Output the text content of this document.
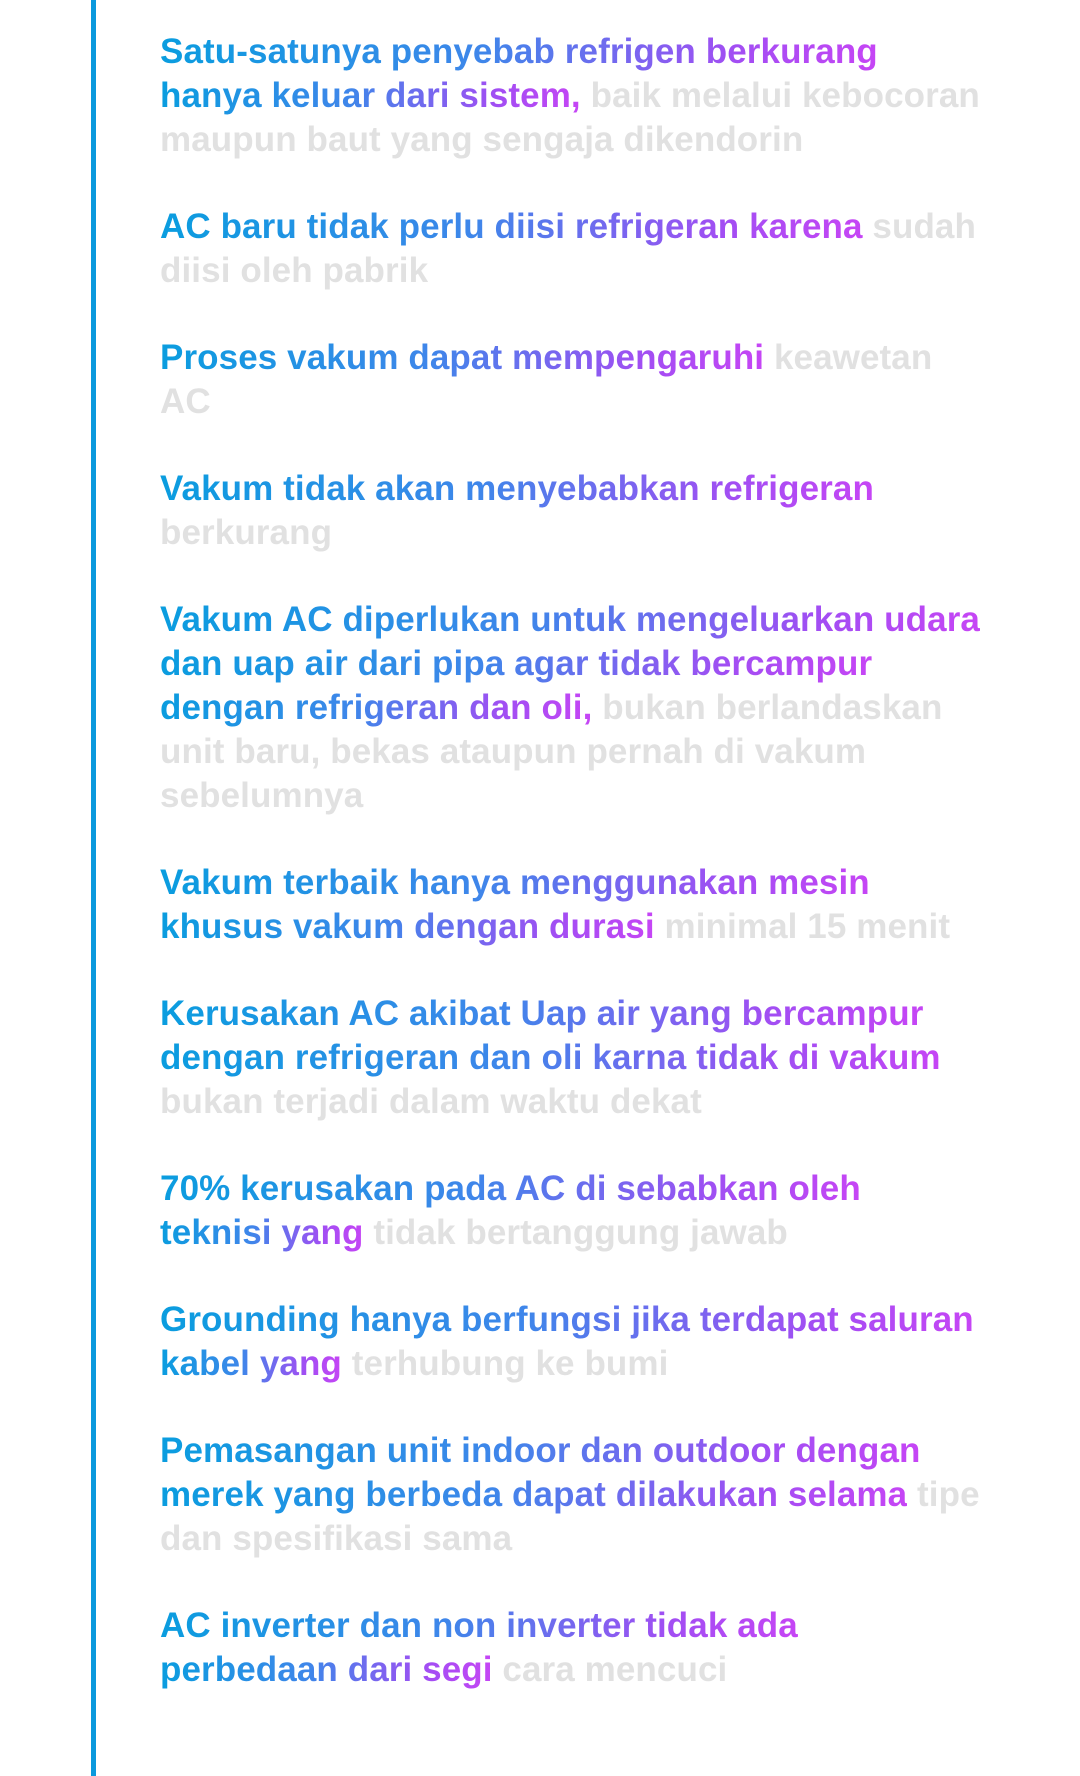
Satu-satunya penyebab refrigen berkurang hanya keluar dari sistem, baik melalui kebocoran maupun baut yang sengaja dikendorin

AC baru tidak perlu diisi refrigeran karena sudah diisi oleh pabrik

Proses vakum dapat mempengaruhi keawetan AC

Vakum tidak akan menyebabkan refrigeran berkurang

Vakum AC diperlukan untuk mengeluarkan udara dan uap air dari pipa agar tidak bercampur dengan refrigeran dan oli, bukan berlandaskan unit baru, bekas ataupun pernah di vakum sebelumnya

Vakum terbaik hanya menggunakan mesin khusus vakum dengan durasi minimal 15 menit

Kerusakan AC akibat Uap air yang bercampur dengan refrigeran dan oli karna tidak di vakum bukan terjadi dalam waktu dekat

70% kerusakan pada AC di sebabkan oleh teknisi yang tidak bertanggung jawab

Grounding hanya berfungsi jika terdapat saluran kabel yang terhubung ke bumi

Pemasangan unit indoor dan outdoor dengan merek yang berbeda dapat dilakukan selama tipe dan spesifikasi sama

AC inverter dan non inverter tidak ada perbedaan dari segi cara mencuci
